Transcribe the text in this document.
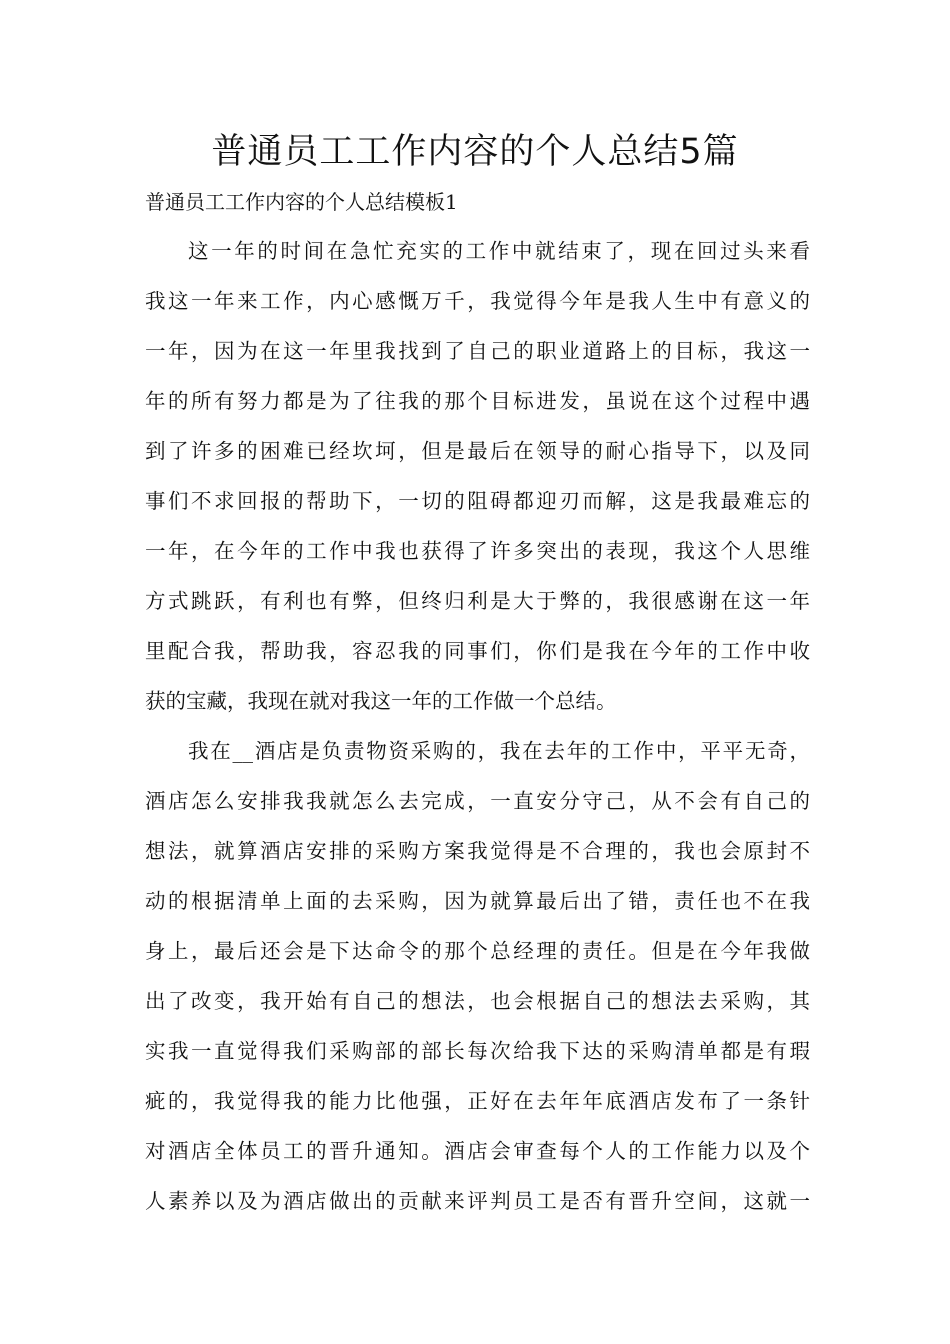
普通员工工作内容的个人总结5篇
普通员工工作内容的个人总结模板1
这一年的时间在急忙充实的工作中就结束了，现在回过头来看
我这一年来工作，内心感慨万千，我觉得今年是我人生中有意义的
一年，因为在这一年里我找到了自己的职业道路上的目标，我这一
年的所有努力都是为了往我的那个目标进发，虽说在这个过程中遇
到了许多的困难已经坎坷，但是最后在领导的耐心指导下，以及同
事们不求回报的帮助下，一切的阻碍都迎刃而解，这是我最难忘的
一年，在今年的工作中我也获得了许多突出的表现，我这个人思维
方式跳跃，有利也有弊，但终归利是大于弊的，我很感谢在这一年
里配合我，帮助我，容忍我的同事们，你们是我在今年的工作中收
获的宝藏，我现在就对我这一年的工作做一个总结。
我在__酒店是负责物资采购的，我在去年的工作中，平平无奇，
酒店怎么安排我我就怎么去完成，一直安分守己，从不会有自己的
想法，就算酒店安排的采购方案我觉得是不合理的，我也会原封不
动的根据清单上面的去采购，因为就算最后出了错，责任也不在我
身上，最后还会是下达命令的那个总经理的责任。但是在今年我做
出了改变，我开始有自己的想法，也会根据自己的想法去采购，其
实我一直觉得我们采购部的部长每次给我下达的采购清单都是有瑕
疵的，我觉得我的能力比他强，正好在去年年底酒店发布了一条针
对酒店全体员工的晋升通知。酒店会审查每个人的工作能力以及个
人素养以及为酒店做出的贡献来评判员工是否有晋升空间，这就一
